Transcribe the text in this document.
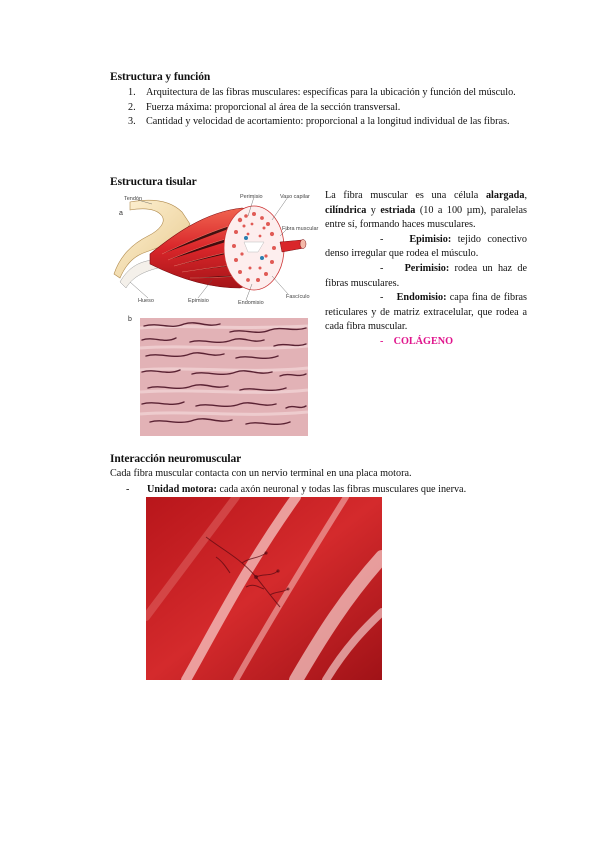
Estructura y función
1. Arquitectura de las fibras musculares: específicas para la ubicación y función del músculo.
2. Fuerza máxima: proporcional al área de la sección transversal.
3. Cantidad y velocidad de acortamiento: proporcional a la longitud individual de las fibras.
Estructura tisular
a
Tendón	Perimisio	Vaso capilar
Fibra muscular
Hueso	Epimisio	Endomisio
Fascículo
b

La fibra muscular es una célula alargada, cilíndrica y estriada (10 a 100 µm), paralelas entre sí, formando haces musculares.

-	Epimisio: tejido conectivo denso irregular que rodea el músculo.

- Perimisio: rodea un haz de fibras musculares.

- Endomisio: capa fina de fibras reticulares y de matriz extracelular, que rodea a cada fibra muscular.

- COLÁGENO

Interacción neuromuscular
Cada fibra muscular contacta con un nervio terminal en una placa motora.
- Unidad motora: cada axón neuronal y todas las fibras musculares que inerva.
